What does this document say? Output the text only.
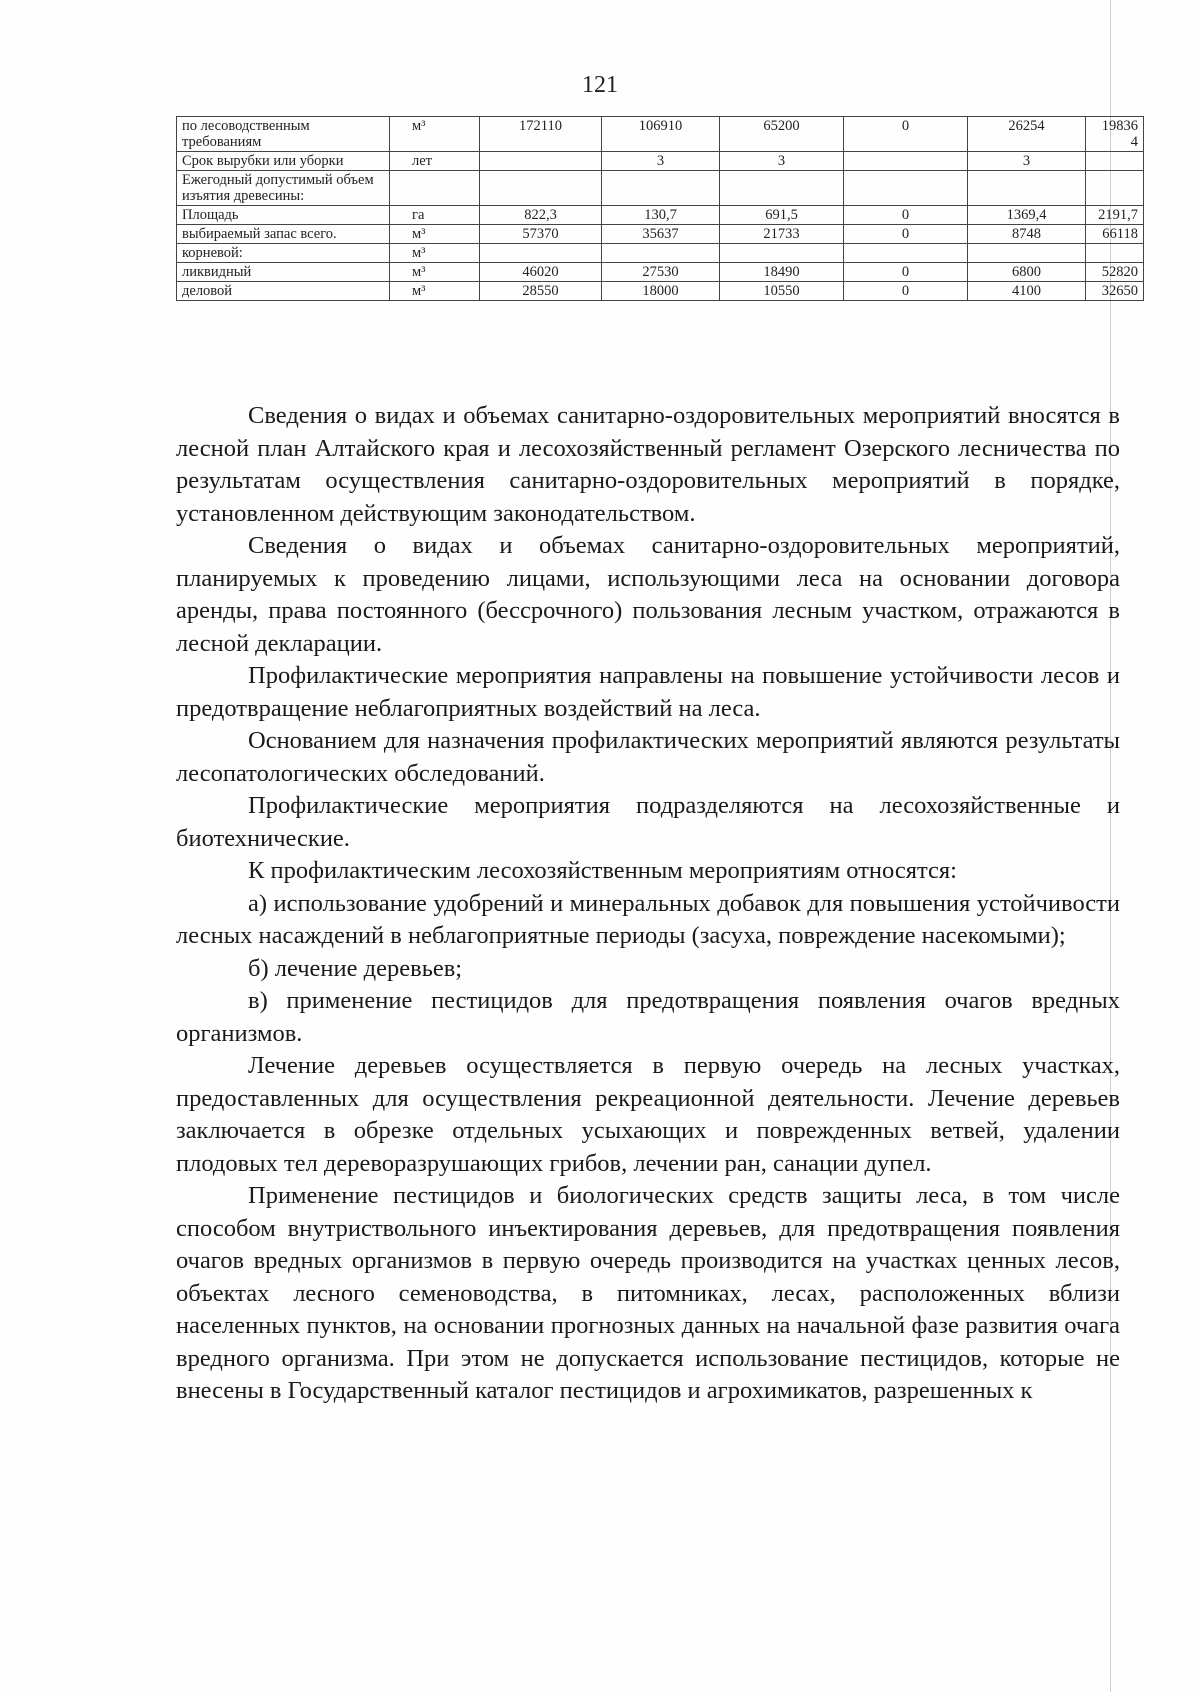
121
по лесоводственным требованиям	м³	172110	106910	65200	0	26254	19836 4
Срок вырубки или уборки	лет		3	3		3	
Ежегодный допустимый объем изъятия древесины:							
Площадь	га	822,3	130,7	691,5	0	1369,4	2191,7
выбираемый запас всего.	м³	57370	35637	21733	0	8748	66118
корневой:	м³						
ликвидный	м³	46020	27530	18490	0	6800	52820
деловой	м³	28550	18000	10550	0	4100	32650

Сведения о видах и объемах санитарно-оздоровительных мероприятий вносятся в лесной план Алтайского края и лесохозяйственный регламент Озерского лесничества по результатам осуществления санитарно-оздоровительных мероприятий в порядке, установленном действующим законодательством.

Сведения о видах и объемах санитарно-оздоровительных мероприятий, планируемых к проведению лицами, использующими леса на основании договора аренды, права постоянного (бессрочного) пользования лесным участком, отражаются в лесной декларации.

Профилактические мероприятия направлены на повышение устойчивости лесов и предотвращение неблагоприятных воздействий на леса.

Основанием для назначения профилактических мероприятий являются результаты лесопатологических обследований.

Профилактические мероприятия подразделяются на лесохозяйственные и биотехнические.

К профилактическим лесохозяйственным мероприятиям относятся:

а) использование удобрений и минеральных добавок для повышения устойчивости лесных насаждений в неблагоприятные периоды (засуха, повреждение насекомыми);

б) лечение деревьев;

в) применение пестицидов для предотвращения появления очагов вредных организмов.

Лечение деревьев осуществляется в первую очередь на лесных участках, предоставленных для осуществления рекреационной деятельности. Лечение деревьев заключается в обрезке отдельных усыхающих и поврежденных ветвей, удалении плодовых тел дереворазрушающих грибов, лечении ран, санации дупел.

Применение пестицидов и биологических средств защиты леса, в том числе способом внутриствольного инъектирования деревьев, для предотвращения появления очагов вредных организмов в первую очередь производится на участках ценных лесов, объектах лесного семеноводства, в питомниках, лесах, расположенных вблизи населенных пунктов, на основании прогнозных данных на начальной фазе развития очага вредного организма. При этом не допускается использование пестицидов, которые не внесены в Государственный каталог пестицидов и агрохимикатов, разрешенных к
